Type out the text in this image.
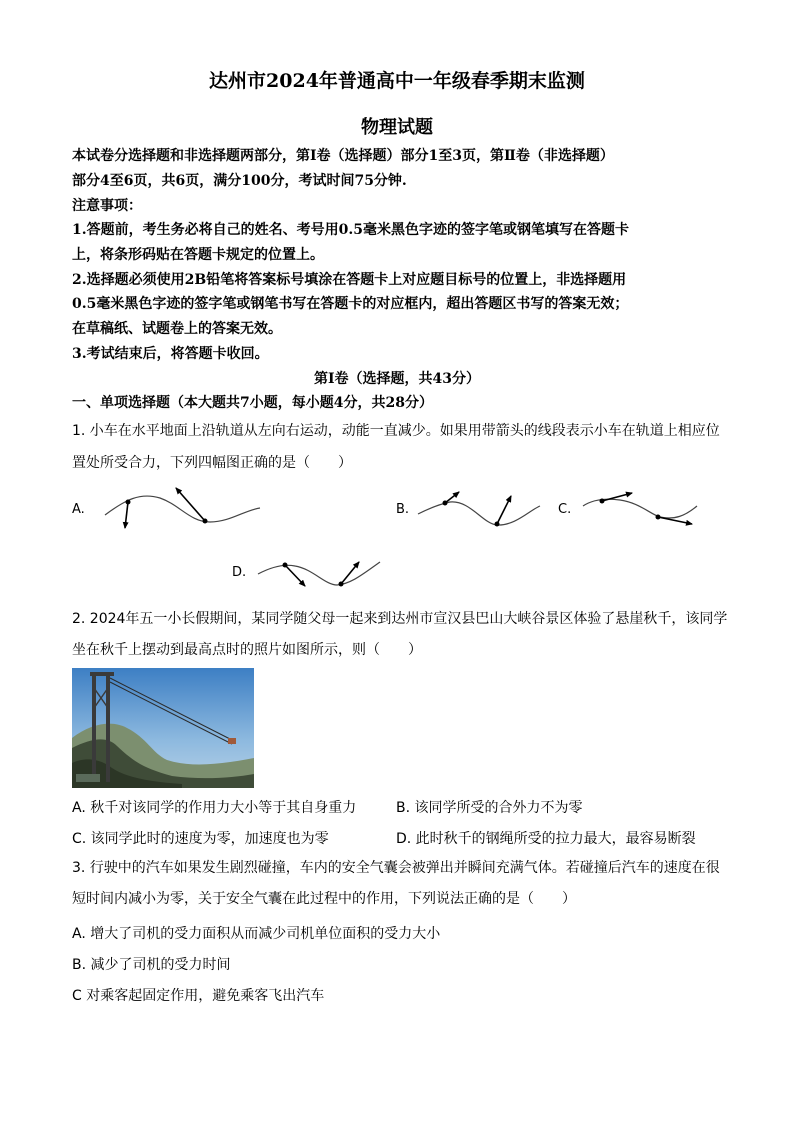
达州市2024年普通高中一年级春季期末监测
物理试题
本试卷分选择题和非选择题两部分，第Ⅰ卷（选择题）部分1至3页，第Ⅱ卷（非选择题）
部分4至6页，共6页，满分100分，考试时间75分钟.
注意事项：
1.答题前，考生务必将自己的姓名、考号用0.5毫米黑色字迹的签字笔或钢笔填写在答题卡
上，将条形码贴在答题卡规定的位置上。
2.选择题必须使用2B铅笔将答案标号填涂在答题卡上对应题目标号的位置上，非选择题用
0.5毫米黑色字迹的签字笔或钢笔书写在答题卡的对应框内，超出答题区书写的答案无效；
在草稿纸、试题卷上的答案无效。
3.考试结束后，将答题卡收回。
第Ⅰ卷（选择题，共43分）
一、单项选择题（本大题共7小题，每小题4分，共28分）
1. 小车在水平地面上沿轨道从左向右运动，动能一直减少。如果用带箭头的线段表示小车在轨道上相应位
置处所受合力，下列四幅图正确的是（　　）
A.	B.	C.
D.
2. 2024年五一小长假期间，某同学随父母一起来到达州市宣汉县巴山大峡谷景区体验了悬崖秋千，该同学
坐在秋千上摆动到最高点时的照片如图所示，则（　　）
A. 秋千对该同学的作用力大小等于其自身重力	B. 该同学所受的合外力不为零
C. 该同学此时的速度为零，加速度也为零	D. 此时秋千的钢绳所受的拉力最大，最容易断裂
3. 行驶中的汽车如果发生剧烈碰撞，车内的安全气囊会被弹出并瞬间充满气体。若碰撞后汽车的速度在很
短时间内减小为零，关于安全气囊在此过程中的作用，下列说法正确的是（　　）
A. 增大了司机的受力面积从而减少司机单位面积的受力大小
B. 减少了司机的受力时间
C 对乘客起固定作用，避免乘客飞出汽车
